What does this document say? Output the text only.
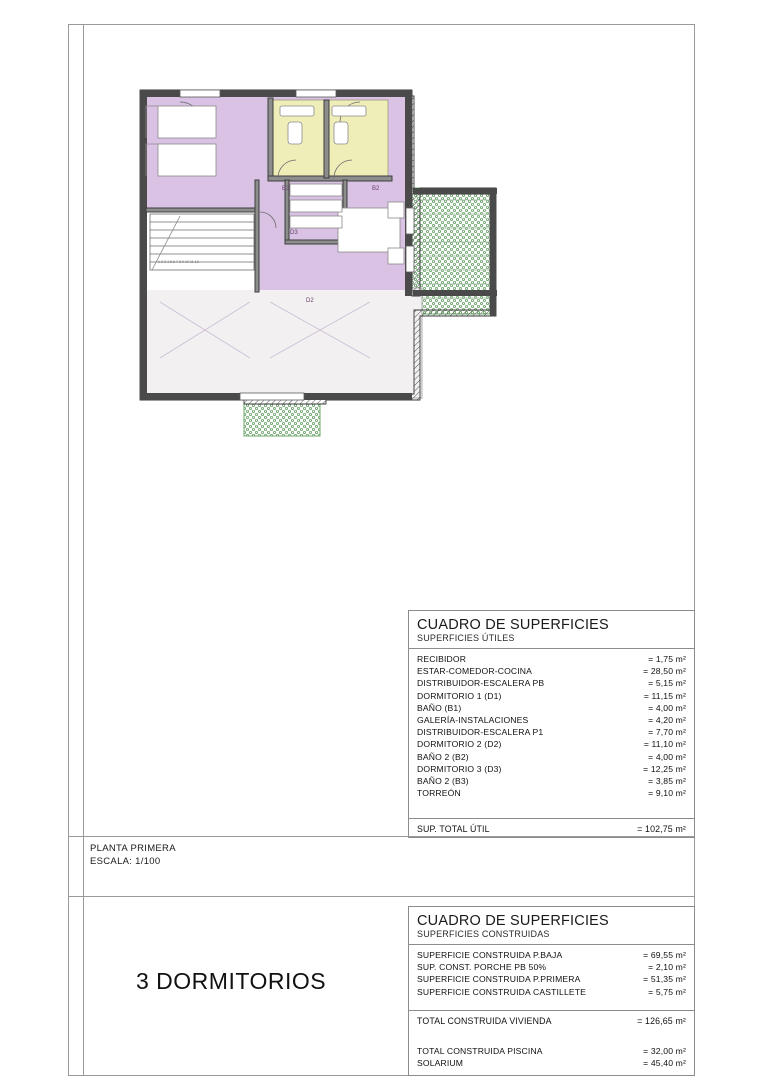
B3	B2
D3
D2
1 2 3 4 5 6 7 8 9 10 11 12
CUADRO DE SUPERFICIES
SUPERFICIES ÚTILES
RECIBIDOR	= 1,75 m²
ESTAR-COMEDOR-COCINA	= 28,50 m²
DISTRIBUIDOR-ESCALERA PB	= 5,15 m²
DORMITORIO 1 (D1)	= 11,15 m²
BAÑO (B1)	= 4,00 m²
GALERÍA-INSTALACIONES	= 4,20 m²
DISTRIBUIDOR-ESCALERA P1	= 7,70 m²
DORMITORIO 2 (D2)	= 11,10 m²
BAÑO 2 (B2)	= 4,00 m²
DORMITORIO 3 (D3)	= 12,25 m²
BAÑO 2 (B3)	= 3,85 m²
TORREÓN	= 9,10 m²
SUP. TOTAL ÚTIL	= 102,75 m²
PLANTA PRIMERA
ESCALA: 1/100
3 DORMITORIOS
CUADRO DE SUPERFICIES
SUPERFICIES CONSTRUIDAS
SUPERFICIE CONSTRUIDA P.BAJA	= 69,55 m²
SUP. CONST. PORCHE PB 50%	= 2,10 m²
SUPERFICIE CONSTRUIDA P.PRIMERA	= 51,35 m²
SUPERFICIE CONSTRUIDA CASTILLETE	= 5,75 m²
TOTAL CONSTRUIDA VIVIENDA	= 126,65 m²
TOTAL CONSTRUIDA PISCINA	= 32,00 m²
SOLARIUM	= 45,40 m²
